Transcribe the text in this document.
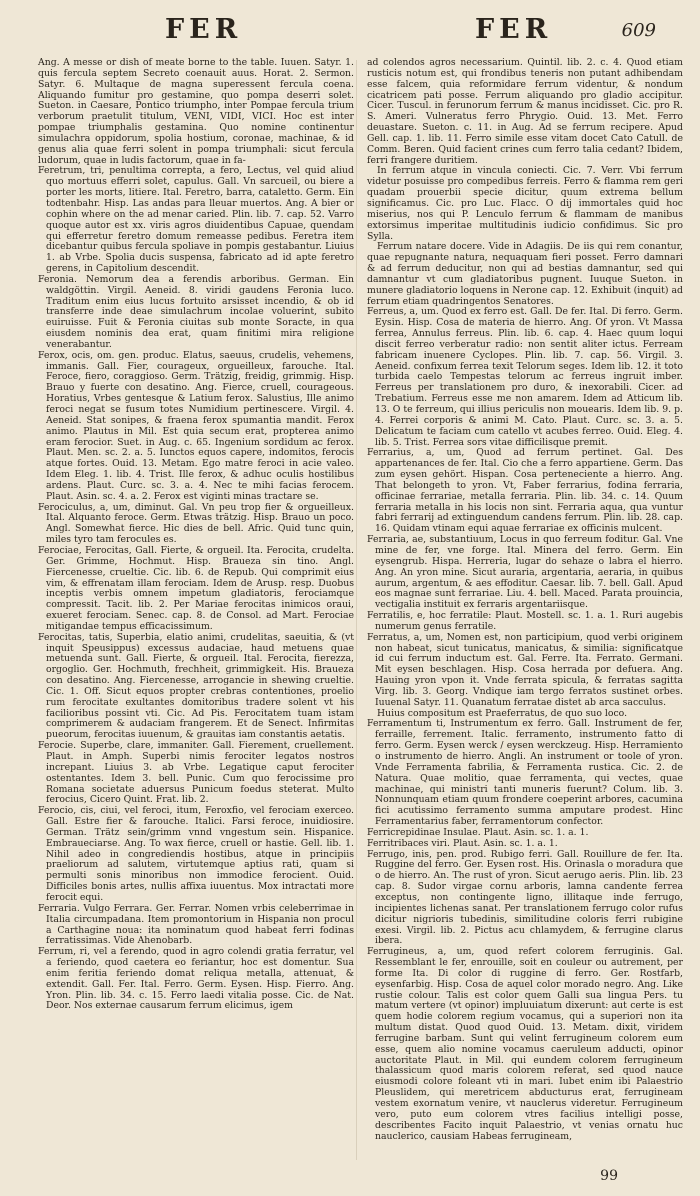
FER	FER	609

Ang. A messe or dish of meate borne to the table. Iuuen. Satyr. 1. quis fercula septem Secreto coenauit auus. Horat. 2. Sermon. Satyr. 6. Multaque de magna superessent fercula coena. Aliquando fumitur pro gestamine, quo pompa deserri solet. Sueton. in Caesare, Pontico triumpho, inter Pompae fercula trium verborum praetulit titulum, VENI, VIDI, VICI. Hoc est inter pompae triumphalis gestamina. Quo nomine continentur simulachra oppidorum, spolia hostium, coronae, machinae, & id genus alia quae ferri solent in pompa triumphali: sicut fercula ludorum, quae in ludis factorum, quae in fa-

Feretrum, tri, penultima correpta, a fero, Lectus, vel quid aliud quo mortuus efferri solet, capulus. Gall. Vn sarcueil, ou biere a porter les morts, litiere. Ital. Feretro, barra, cataletto. Germ. Ein todtenbahr. Hisp. Las andas para lleuar muertos. Ang. A bier or cophin where on the ad menar caried. Plin. lib. 7. cap. 52. Varro quoque autor est xx. viris agros diuidentibus Capuae, quendam qui efferretur feretro domum remeasse pedibus. Feretra item dicebantur quibus fercula spoliave in pompis gestabantur. Liuius 1. ab Vrbe. Spolia ducis suspensa, fabricato ad id apte feretro gerens, in Capitolium descendit.

Feronia. Nemorum dea a ferendis arboribus. German. Ein waldgöttin. Virgil. Aeneid. 8. viridi gaudens Feronia luco. Traditum enim eius lucus fortuito arsisset incendio, & ob id transferre inde deae simulachrum incolae voluerint, subito euiruisse. Fuit & Feronia ciuitas sub monte Soracte, in qua eiusdem nominis dea erat, quam finitimi mira religione venerabantur.

Ferox, ocis, om. gen. produc. Elatus, saeuus, crudelis, vehemens, immanis. Gall. Fier, courageux, orgueilleux, farouche. Ital. Feroce, fiero, coraggioso. Germ. Trätzig, freidig, grimmig. Hisp. Brauo y fuerte con desatino. Ang. Fierce, cruell, courageous. Horatius, Vrbes gentesque & Latium ferox. Salustius, Ille animo feroci negat se fusum totes Numidium pertinescere. Virgil. 4. Aeneid. Stat sonipes, & fraena ferox spumantia mandit. Ferox animo. Plautus in Mil. Est quia secum erat, propterea animo eram ferocior. Suet. in Aug. c. 65. Ingenium sordidum ac ferox. Plaut. Men. sc. 2. a. 5. Iunctos equos capere, indomitos, ferocis atque fortes. Ouid. 13. Metam. Ego matre feroci in acie valeo. Idem Eleg. 1. lib. 4. Trist. Ille ferox, & adhuc oculis hostilibus ardens. Plaut. Curc. sc. 3. a. 4. Nec te mihi facias ferocem. Plaut. Asin. sc. 4. a. 2. Ferox est viginti minas tractare se.

Ferociculus, a, um, diminut. Gal. Vn peu trop fier & orgueilleux. Ital. Alquanto feroce. Germ. Etwas trätzig. Hisp. Brauo un poco. Angl. Somewhat fierce. Hic dies de bell. Afric. Quid tunc quin, miles tyro tam ferocules es.

Ferociae, Ferocitas, Gall. Fierte, & orgueil. Ita. Ferocita, crudelta. Ger. Grimme, Hochmut. Hisp. Braueza sin tino. Angl. Fiercenesse, crueltie. Cic. lib. 6. de Repub. Qui comprimit eius vim, & effrenatam illam ferociam. Idem de Arusp. resp. Duobus inceptis verbis omnem impetum gladiatoris, ferociamque compressit. Tacit. lib. 2. Per Mariae ferocitas inimicos oraui, exueret ferociam. Senec. cap. 8. de Consol. ad Mart. Ferociae mitigandae tempus efficacissimum.

Ferocitas, tatis, Superbia, elatio animi, crudelitas, saeuitia, & (vt inquit Speusippus) excessus audaciae, haud metuens quae metuenda sunt. Gall. Fierte, & orgueil. Ital. Ferocita, fierezza, orgoglio. Ger. Hochmuth, frechheit, grimmigkeit. His. Braueza con desatino. Ang. Fiercenesse, arrogancie in shewing crueltie. Cic. 1. Off. Sicut equos propter crebras contentiones, proelio rum ferocitate exultantes domitoribus tradere solent vt his facilioribus possint vti. Cic. Ad Pis. Ferocitatem tuam istam comprimerem & audaciam frangerem. Et de Senect. Infirmitas pueorum, ferocitas iuuenum, & grauitas iam constantis aetatis.

Ferocie. Superbe, clare, immaniter. Gall. Fierement, cruellement. Plaut. in Amph. Superbi nimis ferociter legatos nostros increpant. Liuius 3. ab Vrbe. Legatique caput ferociter ostentantes. Idem 3. bell. Punic. Cum quo ferocissime pro Romana societate aduersus Punicum foedus steterat. Multo ferocius, Cicero Quint. Frat. lib. 2.

Ferocio, cis, ciui, vel feroci, itum, Feroxfio, vel ferociam exerceo. Gall. Estre fier & farouche. Italici. Farsi feroce, inuidiosire. German. Trätz sein/grimm vnnd vngestum sein. Hispanice. Embraueciarse. Ang. To wax fierce, cruell or hastie. Gell. lib. 1. Nihil adeo in congrediendis hostibus, atque in principiis praeliorum ad salutem, virtutemque aptius rati, quam si permulti sonis minoribus non immodice ferocient. Ouid. Difficiles bonis artes, nullis affixa iuuentus. Mox intractati more ferocit equi.

Ferraria. Vulgo Ferrara. Ger. Ferrar. Nomen vrbis celeberrimae in Italia circumpadana. Item promontorium in Hispania non procul a Carthagine noua: ita nominatum quod habeat ferri fodinas ferratissimas. Vide Ahenobarb.

Ferrum, ri, vel a ferendo, quod in agro colendi gratia ferratur, vel a feriendo, quod caetera eo feriantur, hoc est domentur. Sua enim feritia feriendo domat reliqua metalla, attenuat, & extendit. Gall. Fer. Ital. Ferro. Germ. Eysen. Hisp. Fierro. Ang. Yron. Plin. lib. 34. c. 15. Ferro laedi vitalia posse. Cic. de Nat. Deor. Nos externae causarum ferrum elicimus, igem

ad colendos agros necessarium. Quintil. lib. 2. c. 4. Quod etiam rusticis notum est, qui frondibus teneris non putant adhibendam esse falcem, quia reformidare ferrum videntur, & nondum cicatricem pati posse. Ferrum aliquando pro gladio accipitur. Cicer. Tuscul. in ferunorum ferrum & manus incidisset. Cic. pro R. S. Ameri. Vulneratus ferro Phrygio. Ouid. 13. Met. Ferro deuastare. Sueton. c. 11. in Aug. Ad se ferrum recipere. Apud Gell. cap. 1. lib. 11. Ferro simile esse vitam docet Cato Catull. de Comm. Beren. Quid facient crines cum ferro talia cedant? Ibidem, ferri frangere duritiem.

In ferrum atque in vincula coniecti. Cic. 7. Verr. Vbi ferrum videtur posuisse pro compedibus ferreis. Ferro & flamma rem geri quadam prouerbii specie dicitur, quum extrema bellum significamus. Cic. pro Luc. Flacc. O dij immortales quid hoc miserius, nos qui P. Lenculo ferrum & flammam de manibus extorsimus imperitae multitudinis iudicio confidimus. Sic pro Sylla.

Ferrum natare docere. Vide in Adagiis. De iis qui rem conantur, quae repugnante natura, nequaquam fieri posset. Ferro damnari & ad ferrum deducitur, non qui ad bestias damnantur, sed qui damnantur vt cum gladiatoribus pugnent. Iuuque Sueton. in munere gladiatorio loquens in Nerone cap. 12. Exhibuit (inquit) ad ferrum etiam quadringentos Senatores.

Ferreus, a, um. Quod ex ferro est. Gall. De fer. Ital. Di ferro. Germ. Eysin. Hisp. Cosa de materia de hierro. Ang. Of yron. Vt Massa ferrea, Annulus ferreus. Plin. lib. 6. cap. 4. Haec quum loqui discit ferreo verberatur radio: non sentit aliter ictus. Ferream fabricam inuenere Cyclopes. Plin. lib. 7. cap. 56. Virgil. 3. Aeneid. confixum ferrea texit Telorum seges. Idem lib. 12. it toto turbida caelo Tempestas telorum ac ferreus ingruit imber. Ferreus per translationem pro duro, & inexorabili. Cicer. ad Trebatium. Ferreus esse me non amarem. Idem ad Atticum lib. 13. O te ferreum, qui illius periculis non mouearis. Idem lib. 9. p. 4. Ferrei corporis & animi M. Cato. Plaut. Curc. sc. 3. a. 5. Delicatum te faciam cum catello vt acubes ferreo. Ouid. Eleg. 4. lib. 5. Trist. Ferrea sors vitae difficilisque premit.

Ferrarius, a, um, Quod ad ferrum pertinet. Gal. Des appartenances de fer. Ital. Cio che a ferro appartiene. Germ. Das zum eysen gehört. Hispan. Cosa perteneciente a hierro. Ang. That belongeth to yron. Vt, Faber ferrarius, fodina ferraria, officinae ferrariae, metalla ferraria. Plin. lib. 34. c. 14. Quum ferraria metalla in his locis non sint. Ferraria aqua, qua vuntur fabri ferrarij ad extinguendum candens ferrum. Plin. lib. 28. cap. 16. Quidam vtinam equi aquae ferrariae ex officinis mulcent.

Ferraria, ae, substantiuum, Locus in quo ferreum foditur. Gal. Vne mine de fer, vne forge. Ital. Minera del ferro. Germ. Ein eysengrub. Hispa. Herreria, lugar do sehaze o labra el hierro. Ang. An yron mine. Sicut auraria, argentaria, aeraria, in quibus aurum, argentum, & aes effoditur. Caesar. lib. 7. bell. Gall. Apud eos magnae sunt ferrariae. Liu. 4. bell. Maced. Parata prouincia, vectigalia instituit ex ferraris argentariisque.

Ferratilis, e, hoc ferratile: Plaut. Mostell. sc. 1. a. 1. Ruri augebis numerum genus ferratile.

Ferratus, a, um, Nomen est, non participium, quod verbi originem non habeat, sicut tunicatus, manicatus, & similia: significatque id cui ferrum inductum est. Gal. Ferre. Ita. Ferrato. Germani. Mit eysen beschlagen. Hisp. Cosa herrada por defuera. Ang. Hauing yron vpon it. Vnde ferrata spicula, & ferratas sagitta Virg. lib. 3. Georg. Vndique iam tergo ferratos sustinet orbes. Iuuenal Satyr. 11. Quanatum ferratae distet ab arca sacculus.

Huius compositum est Praeferratus, de quo suo loco.

Ferramentum ti, Instrumentum ex ferro. Gall. Instrument de fer, ferraille, ferrement. Italic. ferramento, instrumento fatto di ferro. Germ. Eysen werck / eysen werckzeug. Hisp. Herramiento o instrumento de hierro. Angli. An instrument or toole of yron. Vnde Ferramenta fabrilia, & Ferramenta rustica. Cic. 2. de Natura. Quae molitio, quae ferramenta, qui vectes, quae machinae, qui ministri tanti muneris fuerunt? Colum. lib. 3. Nonnunquam etiam quum frondere coeperint arbores, cacumina fici acutissimo ferramento summa amputare prodest. Hinc Ferramentarius faber, ferramentorum confector.

Ferricrepidinae Insulae. Plaut. Asin. sc. 1. a. 1.

Ferritribaces viri. Plaut. Asin. sc. 1. a. 1.

Ferrugo, inis, pen. prod. Rubigo ferri. Gall. Rouillure de fer. Ita. Ruggine del ferro. Ger. Eysen rost. His. Orinasla o moradura que o de hierro. An. The rust of yron. Sicut aerugo aeris. Plin. lib. 23 cap. 8. Sudor virgae cornu arboris, lamna candente ferrea exceptus, non contingente ligno, illitaque inde ferrugo, incipientes lichenas sanat. Per translationem ferrugo color rufus dicitur nigrioris tubedinis, similitudine coloris ferri rubigine exesi. Virgil. lib. 2. Pictus acu chlamydem, & ferrugine clarus ibera.

Ferrugineus, a, um, quod refert colorem ferruginis. Gal. Ressemblant le fer, enrouille, soit en couleur ou autrement, per forme Ita. Di color di ruggine di ferro. Ger. Rostfarb, eysenfarbig. Hisp. Cosa de aquel color morado negro. Ang. Like rustie colour. Talis est color quem Galli sua lingua Pers. tu matum vertere (vt opinor) impluuiatum dixerunt: aut certe is est quem hodie colorem regium vocamus, qui a superiori non ita multum distat. Quod quod Ouid. 13. Metam. dixit, viridem ferrugine barbam. Sunt qui velint ferrugineum colorem eum esse, quem alio nomine vocamus caeruleum adducti, opinor auctoritate Plaut. in Mil. qui eundem colorem ferrugineum thalassicum quod maris colorem referat, sed quod nauce eiusmodi colore foleant vti in mari. Iubet enim ibi Palaestrio Pleuslidem, qui meretricem abducturus erat, ferrugineam vestem exornatum venire, vt nauclerus videretur. Ferrugineum vero, puto eum colorem vtres facilius intelligi posse, describentes Facito inquit Palaestrio, vt venias ornatu huc nauclerico, causiam Habeas ferrugineam,

99
